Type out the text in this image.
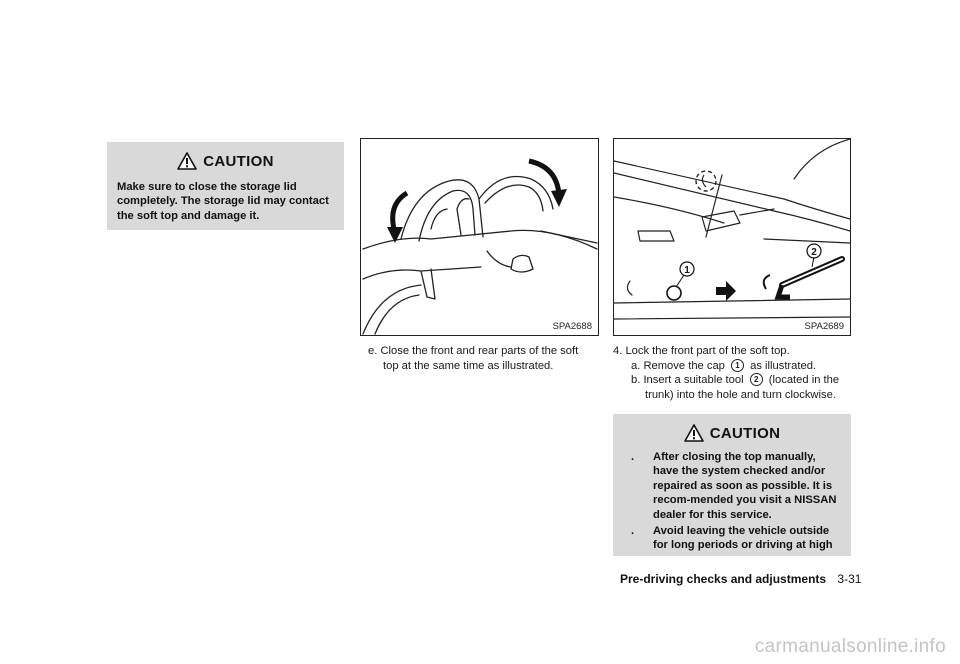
CAUTION
Make sure to close the storage lid completely. The storage lid may contact the soft top and damage it.
SPA2688
1
2
SPA2689
e. Close the front and rear parts of the soft
top at the same time as illustrated.
4. Lock the front part of the soft top.
a. Remove the cap 1 as illustrated.
b. Insert a suitable tool 2 (located in the
trunk) into the hole and turn clockwise.
CAUTION
. After closing the top manually, have the system checked and/or repaired as soon as possible. It is recom-mended you visit a NISSAN dealer for this service.
. Avoid leaving the vehicle outside for long periods or driving at high
Pre-driving checks and adjustments 3-31
carmanualsonline.info
